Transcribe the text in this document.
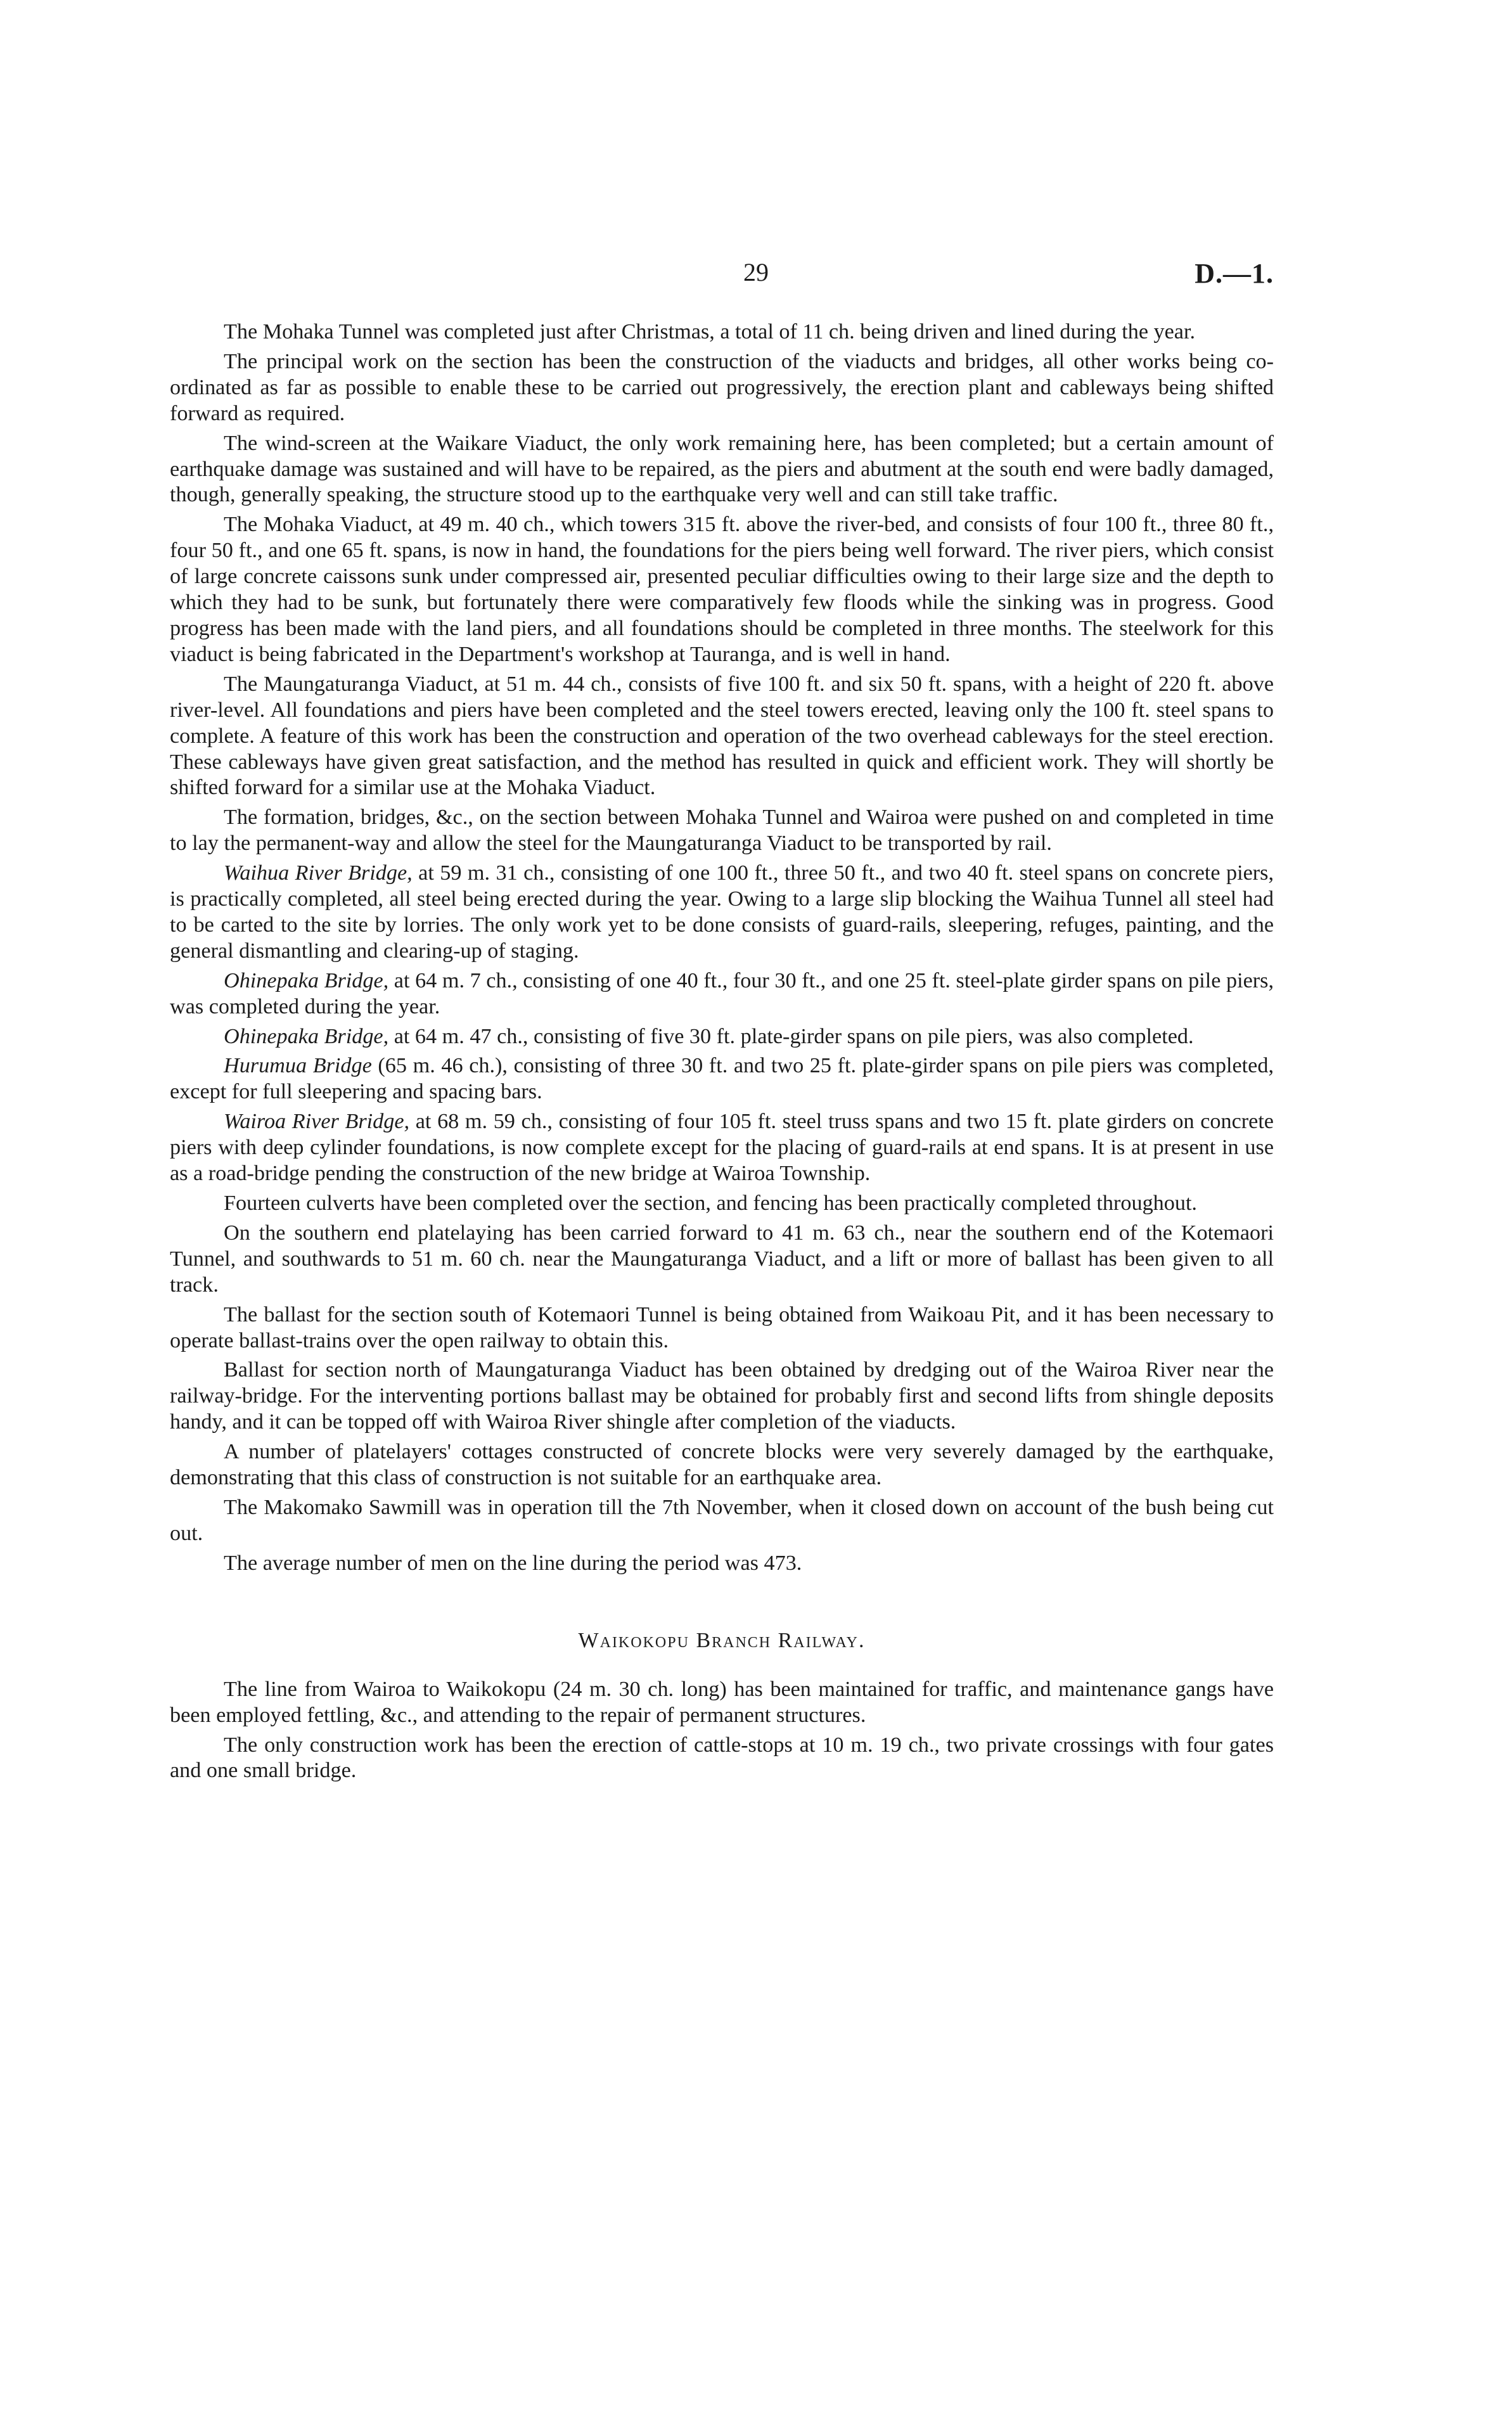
29	D.—1.

The Mohaka Tunnel was completed just after Christmas, a total of 11 ch. being driven and lined during the year.

The principal work on the section has been the construction of the viaducts and bridges, all other works being co-ordinated as far as possible to enable these to be carried out progressively, the erection plant and cableways being shifted forward as required.

The wind-screen at the Waikare Viaduct, the only work remaining here, has been completed; but a certain amount of earthquake damage was sustained and will have to be repaired, as the piers and abutment at the south end were badly damaged, though, generally speaking, the structure stood up to the earthquake very well and can still take traffic.

The Mohaka Viaduct, at 49 m. 40 ch., which towers 315 ft. above the river-bed, and consists of four 100 ft., three 80 ft., four 50 ft., and one 65 ft. spans, is now in hand, the foundations for the piers being well forward. The river piers, which consist of large concrete caissons sunk under compressed air, presented peculiar difficulties owing to their large size and the depth to which they had to be sunk, but fortunately there were comparatively few floods while the sinking was in progress. Good progress has been made with the land piers, and all foundations should be completed in three months. The steelwork for this viaduct is being fabricated in the Department's workshop at Tauranga, and is well in hand.

The Maungaturanga Viaduct, at 51 m. 44 ch., consists of five 100 ft. and six 50 ft. spans, with a height of 220 ft. above river-level. All foundations and piers have been completed and the steel towers erected, leaving only the 100 ft. steel spans to complete. A feature of this work has been the construction and operation of the two overhead cableways for the steel erection. These cableways have given great satisfaction, and the method has resulted in quick and efficient work. They will shortly be shifted forward for a similar use at the Mohaka Viaduct.

The formation, bridges, &c., on the section between Mohaka Tunnel and Wairoa were pushed on and completed in time to lay the permanent-way and allow the steel for the Maungaturanga Viaduct to be transported by rail.

Waihua River Bridge, at 59 m. 31 ch., consisting of one 100 ft., three 50 ft., and two 40 ft. steel spans on concrete piers, is practically completed, all steel being erected during the year. Owing to a large slip blocking the Waihua Tunnel all steel had to be carted to the site by lorries. The only work yet to be done consists of guard-rails, sleepering, refuges, painting, and the general dismantling and clearing-up of staging.

Ohinepaka Bridge, at 64 m. 7 ch., consisting of one 40 ft., four 30 ft., and one 25 ft. steel-plate girder spans on pile piers, was completed during the year.

Ohinepaka Bridge, at 64 m. 47 ch., consisting of five 30 ft. plate-girder spans on pile piers, was also completed.

Hurumua Bridge (65 m. 46 ch.), consisting of three 30 ft. and two 25 ft. plate-girder spans on pile piers was completed, except for full sleepering and spacing bars.

Wairoa River Bridge, at 68 m. 59 ch., consisting of four 105 ft. steel truss spans and two 15 ft. plate girders on concrete piers with deep cylinder foundations, is now complete except for the placing of guard-rails at end spans. It is at present in use as a road-bridge pending the construction of the new bridge at Wairoa Township.

Fourteen culverts have been completed over the section, and fencing has been practically completed throughout.

On the southern end platelaying has been carried forward to 41 m. 63 ch., near the southern end of the Kotemaori Tunnel, and southwards to 51 m. 60 ch. near the Maungaturanga Viaduct, and a lift or more of ballast has been given to all track.

The ballast for the section south of Kotemaori Tunnel is being obtained from Waikoau Pit, and it has been necessary to operate ballast-trains over the open railway to obtain this.

Ballast for section north of Maungaturanga Viaduct has been obtained by dredging out of the Wairoa River near the railway-bridge. For the interventing portions ballast may be obtained for probably first and second lifts from shingle deposits handy, and it can be topped off with Wairoa River shingle after completion of the viaducts.

A number of platelayers' cottages constructed of concrete blocks were very severely damaged by the earthquake, demonstrating that this class of construction is not suitable for an earthquake area.

The Makomako Sawmill was in operation till the 7th November, when it closed down on account of the bush being cut out.

The average number of men on the line during the period was 473.

Waikokopu Branch Railway.

The line from Wairoa to Waikokopu (24 m. 30 ch. long) has been maintained for traffic, and maintenance gangs have been employed fettling, &c., and attending to the repair of permanent structures.

The only construction work has been the erection of cattle-stops at 10 m. 19 ch., two private crossings with four gates and one small bridge.
